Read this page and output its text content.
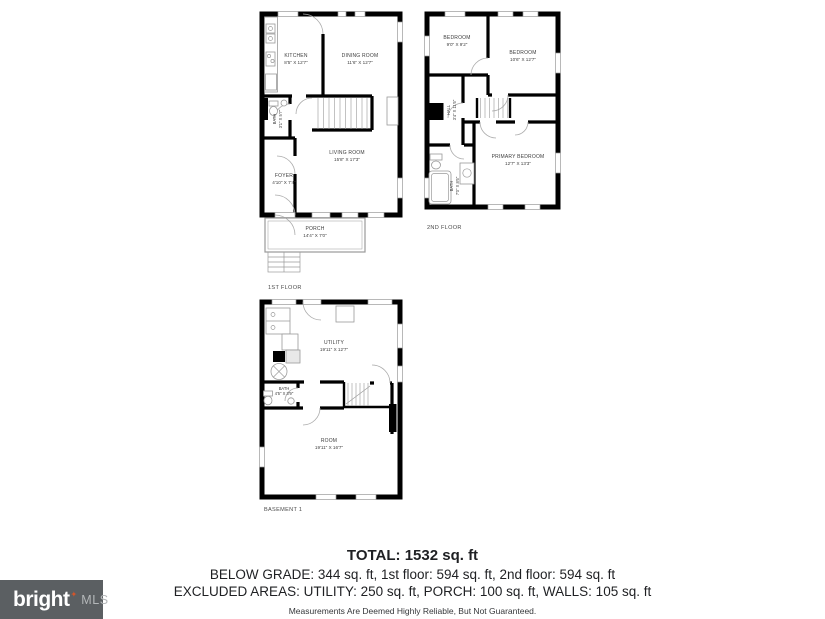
KITCHEN
8'5" X 12'7"
DINING ROOM
11'6" X 12'7"
LIVING ROOM
15'8" X 17'3"
BATH 3'1" X 5'7"
FOYER
4'10" X 7'4"
PORCH
14'4" X 7'0"
1ST FLOOR
BEDROOM
9'0" X 9'2"
BEDROOM
10'6" X 12'7"
HALL 3'4" X 11'6"
BATH 7'0" X 8'6"
PRIMARY BEDROOM
12'7" X 13'3"
2ND FLOOR
UTILITY
19'11" X 12'7"
BATH
4'5" X 3'9"
ROOM
19'11" X 16'7"
BASEMENT 1
TOTAL: 1532 sq. ft

BELOW GRADE: 344 sq. ft, 1st floor: 594 sq. ft, 2nd floor: 594 sq. ft

EXCLUDED AREAS: UTILITY: 250 sq. ft, PORCH: 100 sq. ft, WALLS: 105 sq. ft

Measurements Are Deemed Highly Reliable, But Not Guaranteed.

bright ✦ MLS
